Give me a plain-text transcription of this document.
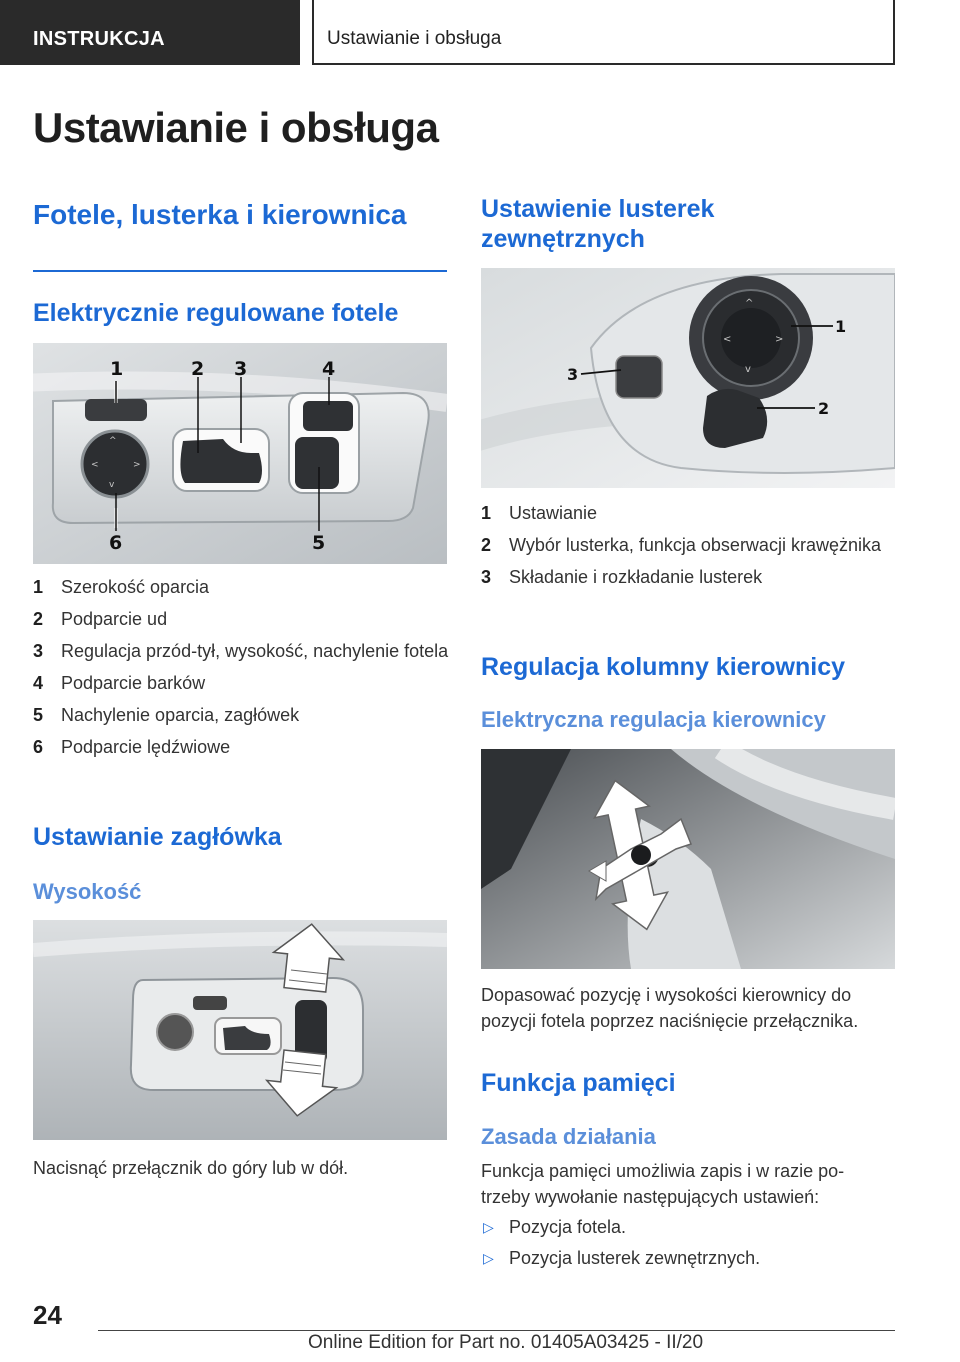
INSTRUKCJA	Ustawianie i obsługa
Ustawianie i obsługa
Fotele, lusterka i kierownica
Elektrycznie regulowane fotele
^
<	>
v
1	2 3	4
5
6
1 Szerokość oparcia
2 Podparcie ud
3 Regulacja przód-tył, wysokość, nachylenie fotela
4 Podparcie barków
5 Nachylenie oparcia, zagłówek
6 Podparcie lędźwiowe
Ustawianie zagłówka
Wysokość
Nacisnąć przełącznik do góry lub w dół.
Ustawienie lusterek zewnętrznych
^
<	>
v
1
2
3
1 Ustawianie
2 Wybór lusterka, funkcja obserwacji krawężnika
3 Składanie i rozkładanie lusterek
Regulacja kolumny kierownicy
Elektryczna regulacja kierownicy
Dopasować pozycję i wysokości kierownicy do pozycji fotela poprzez naciśnięcie przełącznika.
Funkcja pamięci
Zasada działania
Funkcja pamięci umożliwia zapis i w razie potrzeby wywołanie następujących ustawień:
▷ Pozycja fotela.
▷ Pozycja lusterek zewnętrznych.
24
Online Edition for Part no. 01405A03425 - II/20
